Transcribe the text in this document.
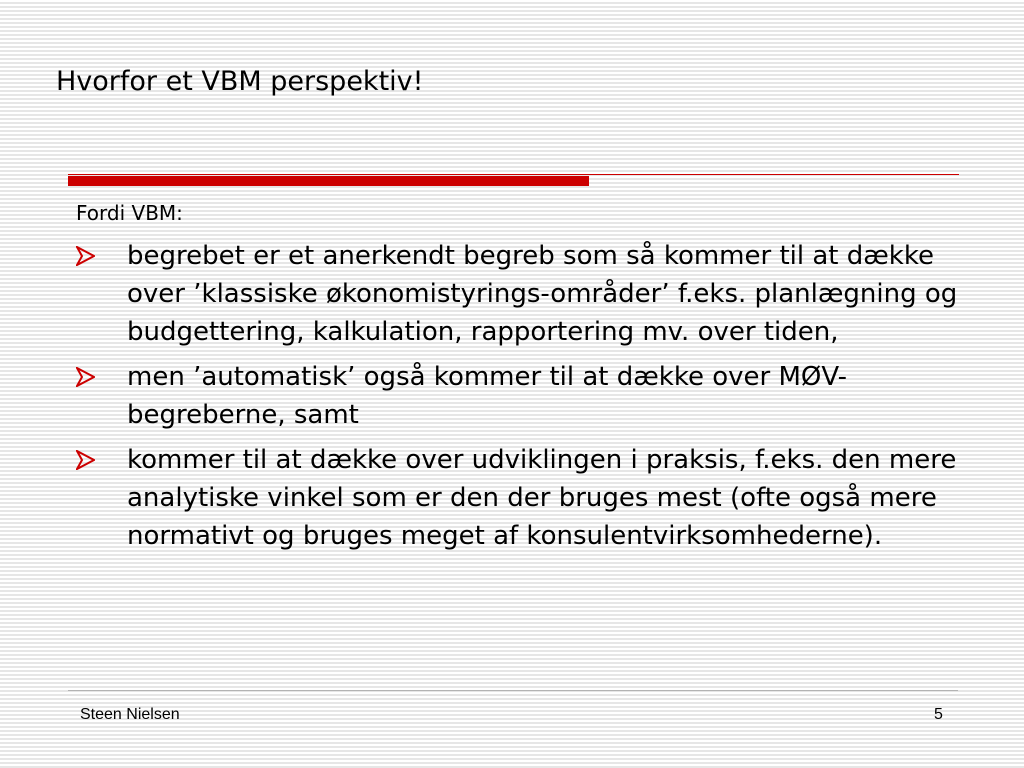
Hvorfor et VBM perspektiv!

Fordi VBM:

begrebet er et anerkendt begreb som så kommer til at dække over ’klassiske økonomistyrings-områder’ f.eks. planlægning og budgettering, kalkulation, rapportering mv. over tiden,
men ’automatisk’ også kommer til at dække over MØV-begreberne, samt
kommer til at dække over udviklingen i praksis, f.eks. den mere analytiske vinkel som er den der bruges mest (ofte også mere normativt og bruges meget af konsulentvirksomhederne).

Steen Nielsen	5
